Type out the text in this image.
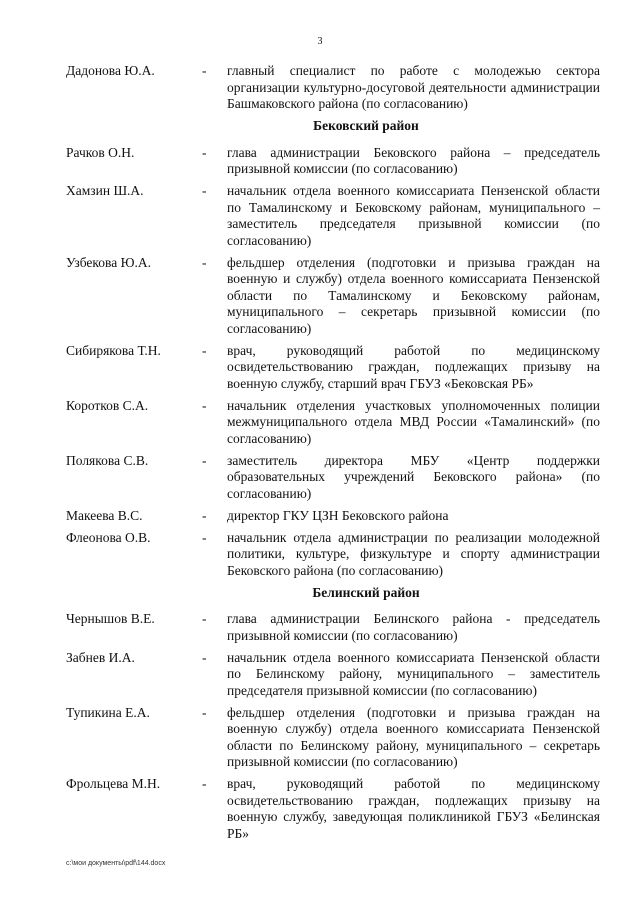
3
Дадонова Ю.А.	-	главный специалист по работе с молодежью сектора организации культурно-досуговой деятельности администрации Башмаковского района (по согласованию)
Бековский район
Рачков О.Н.	-	глава администрации Бековского района – председатель призывной комиссии (по согласованию)
Хамзин Ш.А.	-	начальник отдела военного комиссариата Пензенской области по Тамалинскому и Бековскому районам, муниципального – заместитель председателя призывной комиссии (по согласованию)
Узбекова Ю.А.	-	фельдшер отделения (подготовки и призыва граждан на военную и службу) отдела военного комиссариата Пензенской области по Тамалинскому и Бековскому районам, муниципального – секретарь призывной комиссии (по согласованию)
Сибирякова Т.Н.	-	врач, руководящий работой по медицинскому освидетельствованию граждан, подлежащих призыву на военную службу, старший врач ГБУЗ «Бековская РБ»
Коротков С.А.	-	начальник отделения участковых уполномоченных полиции межмуниципального отдела МВД России «Тамалинский» (по согласованию)
Полякова С.В.	-	заместитель директора МБУ «Центр поддержки образовательных учреждений Бековского района» (по согласованию)
Макеева В.С.	-	директор ГКУ ЦЗН Бековского района
Флеонова О.В.	-	начальник отдела администрации по реализации молодежной политики, культуре, физкультуре и спорту администрации Бековского района (по согласованию)
Белинский район
Чернышов В.Е.	-	глава администрации Белинского района - председатель призывной комиссии (по согласованию)
Забнев И.А.	-	начальник отдела военного комиссариата Пензенской области по Белинскому району, муниципального – заместитель председателя призывной комиссии (по согласованию)
Тупикина Е.А.	-	фельдшер отделения (подготовки и призыва граждан на военную службу) отдела военного комиссариата Пензенской области по Белинскому району, муниципального – секретарь призывной комиссии (по согласованию)
Фрольцева М.Н.	-	врач, руководящий работой по медицинскому освидетельствованию граждан, подлежащих призыву на военную службу, заведующая поликлиникой ГБУЗ «Белинская РБ»
c:\мои документы\pdf\144.docx
